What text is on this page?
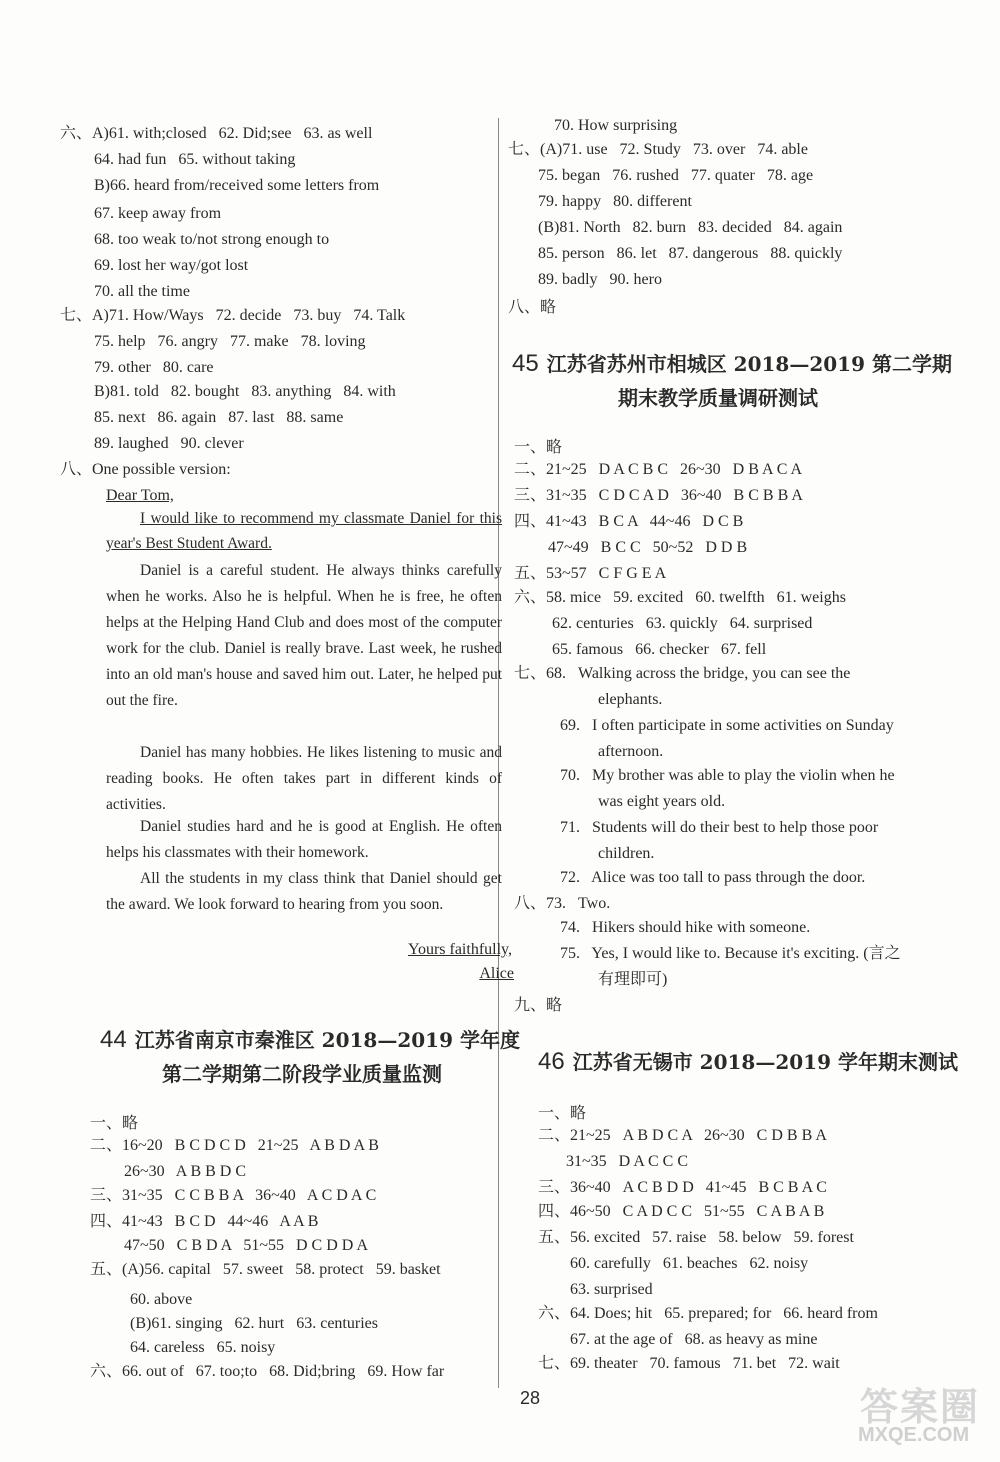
六、A)61. with;closed   62. Did;see   63. as well
64. had fun   65. without taking
B)66. heard from/received some letters from
67. keep away from
68. too weak to/not strong enough to
69. lost her way/got lost
70. all the time
七、A)71. How/Ways   72. decide   73. buy   74. Talk
75. help   76. angry   77. make   78. loving
79. other   80. care
B)81. told   82. bought   83. anything   84. with
85. next   86. again   87. last   88. same
89. laughed   90. clever
八、One possible version:
Dear Tom,
I would like to recommend my classmate Daniel for this year's Best Student Award.
Daniel is a careful student. He always thinks carefully when he works. Also he is helpful. When he is free, he often helps at the Helping Hand Club and does most of the computer work for the club. Daniel is really brave. Last week, he rushed into an old man's house and saved him out. Later, he helped put out the fire.
Daniel has many hobbies. He likes listening to music and reading books. He often takes part in different kinds of activities.
Daniel studies hard and he is good at English. He often helps his classmates with their homework.
All the students in my class think that Daniel should get the award. We look forward to hearing from you soon.
Yours faithfully,
Alice
44 江苏省南京市秦淮区 2018—2019 学年度
第二学期第二阶段学业质量监测
一、略
二、16~20   B C D C D   21~25   A B D A B
26~30   A B B D C
三、31~35   C C B B A   36~40   A C D A C
四、41~43   B C D   44~46   A A B
47~50   C B D A   51~55   D C D D A
五、(A)56. capital   57. sweet   58. protect   59. basket
60. above
(B)61. singing   62. hurt   63. centuries
64. careless   65. noisy
六、66. out of   67. too;to   68. Did;bring   69. How far
70. How surprising
七、(A)71. use   72. Study   73. over   74. able
75. began   76. rushed   77. quater   78. age
79. happy   80. different
(B)81. North   82. burn   83. decided   84. again
85. person   86. let   87. dangerous   88. quickly
89. badly   90. hero
八、略
45 江苏省苏州市相城区 2018—2019 第二学期
期末教学质量调研测试
一、略
二、21~25   D A C B C   26~30   D B A C A
三、31~35   C D C A D   36~40   B C B B A
四、41~43   B C A   44~46   D C B
47~49   B C C   50~52   D D B
五、53~57   C F G E A
六、58. mice   59. excited   60. twelfth   61. weighs
62. centuries   63. quickly   64. surprised
65. famous   66. checker   67. fell
七、68.   Walking across the bridge, you can see the
elephants.
69.   I often participate in some activities on Sunday
afternoon.
70.   My brother was able to play the violin when he
was eight years old.
71.   Students will do their best to help those poor
children.
72.   Alice was too tall to pass through the door.
八、73.   Two.
74.   Hikers should hike with someone.
75.   Yes, I would like to. Because it's exciting. (言之
有理即可)
九、略
46 江苏省无锡市 2018—2019 学年期末测试
一、略
二、21~25   A B D C A   26~30   C D B B A
31~35   D A C C C
三、36~40   A C B D D   41~45   B C B A C
四、46~50   C A D C C   51~55   C A B A B
五、56. excited   57. raise   58. below   59. forest
60. carefully   61. beaches   62. noisy
63. surprised
六、64. Does; hit   65. prepared; for   66. heard from
67. at the age of   68. as heavy as mine
七、69. theater   70. famous   71. bet   72. wait
28	答案圈
MXQE.COM
